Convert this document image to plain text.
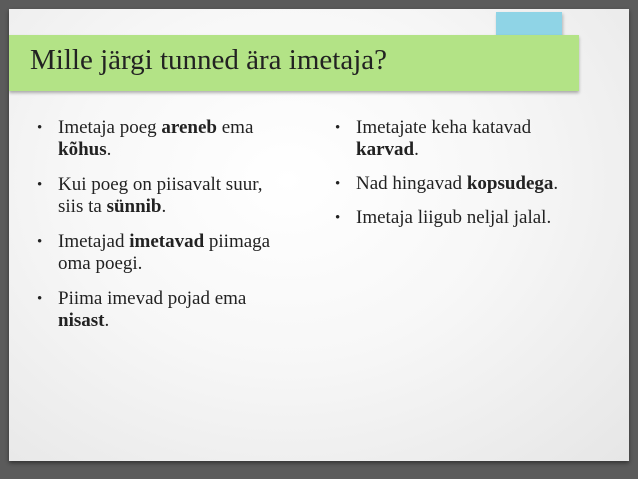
Mille järgi tunned ära imetaja?
• Imetaja poeg areneb ema
kõhus.
• Kui poeg on piisavalt suur,
siis ta sünnib.
• Imetajad imetavad piimaga
oma poegi.
• Piima imevad pojad ema
nisast.
• Imetajate keha katavad
karvad.
• Nad hingavad kopsudega.
• Imetaja liigub neljal jalal.
